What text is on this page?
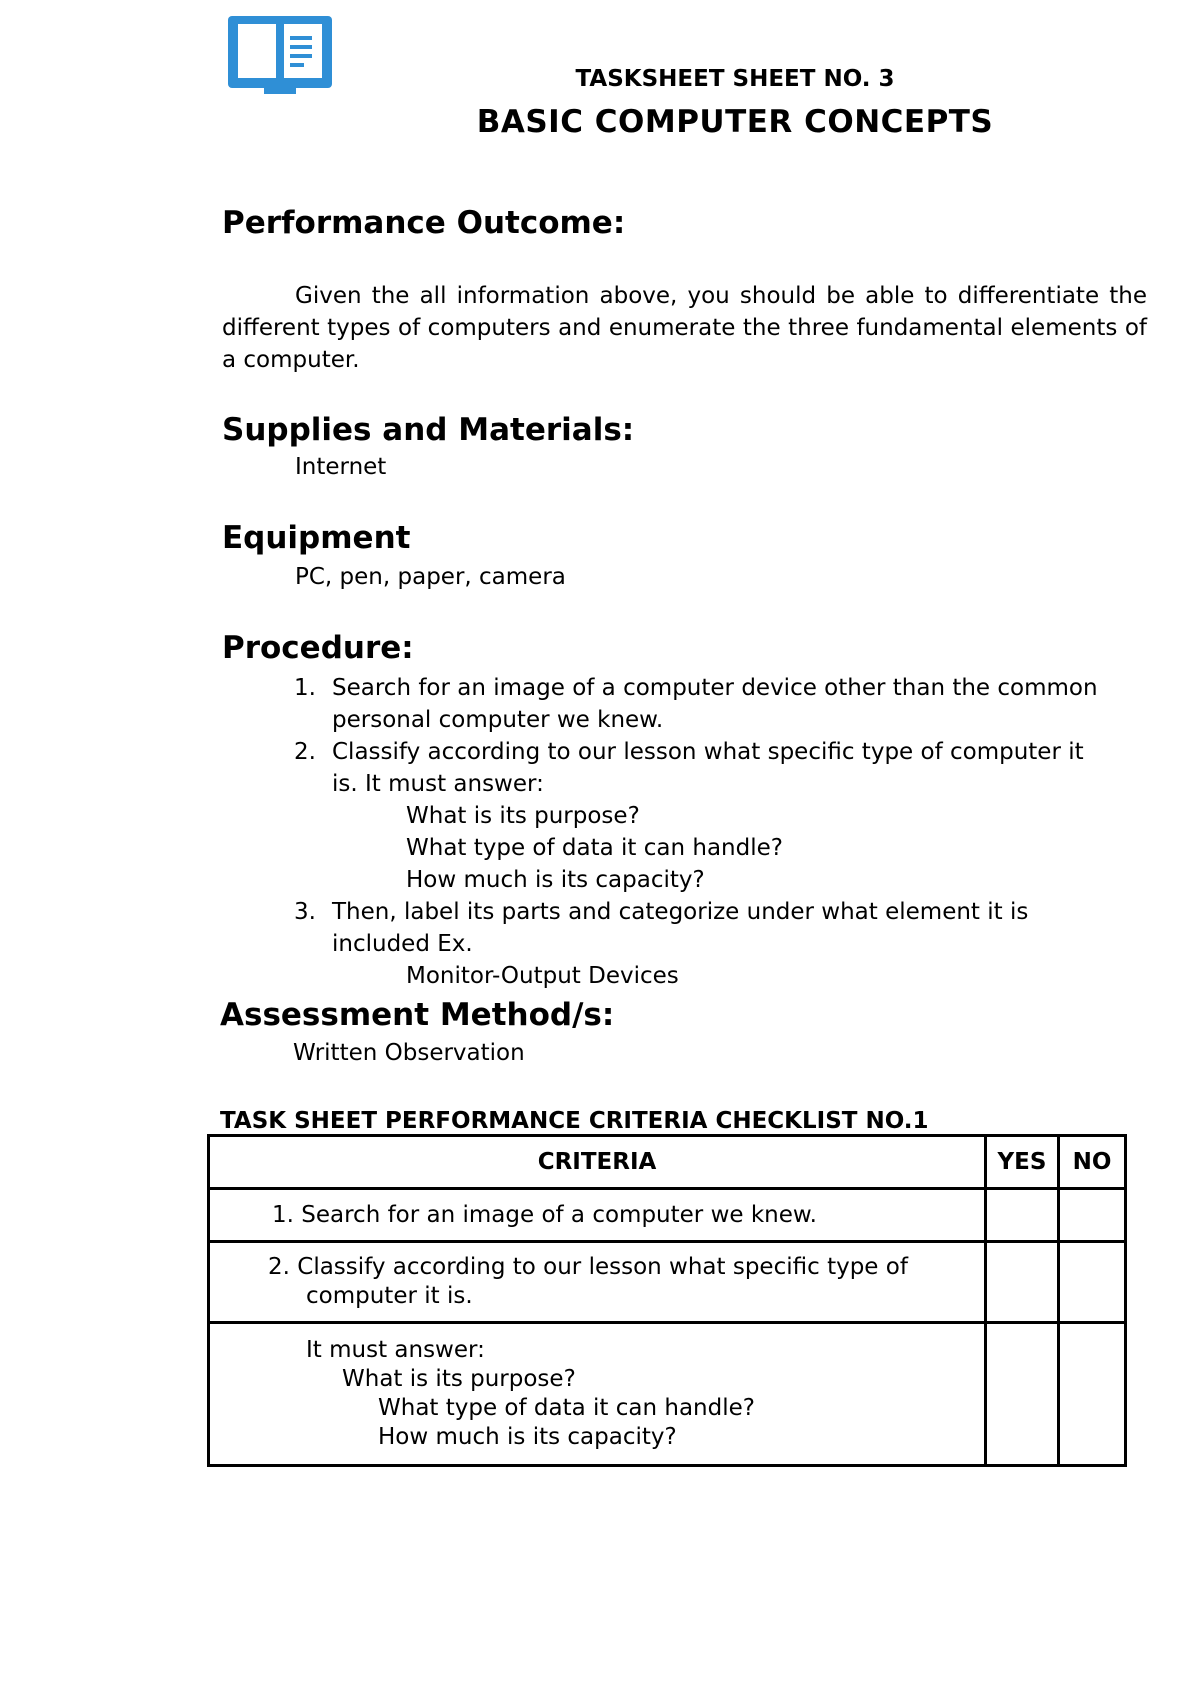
TASKSHEET SHEET NO. 3
BASIC COMPUTER CONCEPTS
Performance Outcome:
Given the all information above, you should be able to differentiate the different types of computers and enumerate the three fundamental elements of a computer.
Supplies and Materials:
Internet
Equipment
PC, pen, paper, camera
Procedure:
1. Search for an image of a computer device other than the common
personal computer we knew.
2. Classify according to our lesson what specific type of computer it
is. It must answer:
What is its purpose?
What type of data it can handle?
How much is its capacity?
3. Then, label its parts and categorize under what element it is
included Ex.
Monitor-Output Devices
Assessment Method/s:
Written Observation
TASK SHEET PERFORMANCE CRITERIA CHECKLIST NO.1
CRITERIA	YES	NO
1. Search for an image of a computer we knew.		

2. Classify according to our lesson what specific type of
computer it is.		

It must answer:
What is its purpose?
What type of data it can handle?
How much is its capacity?		
